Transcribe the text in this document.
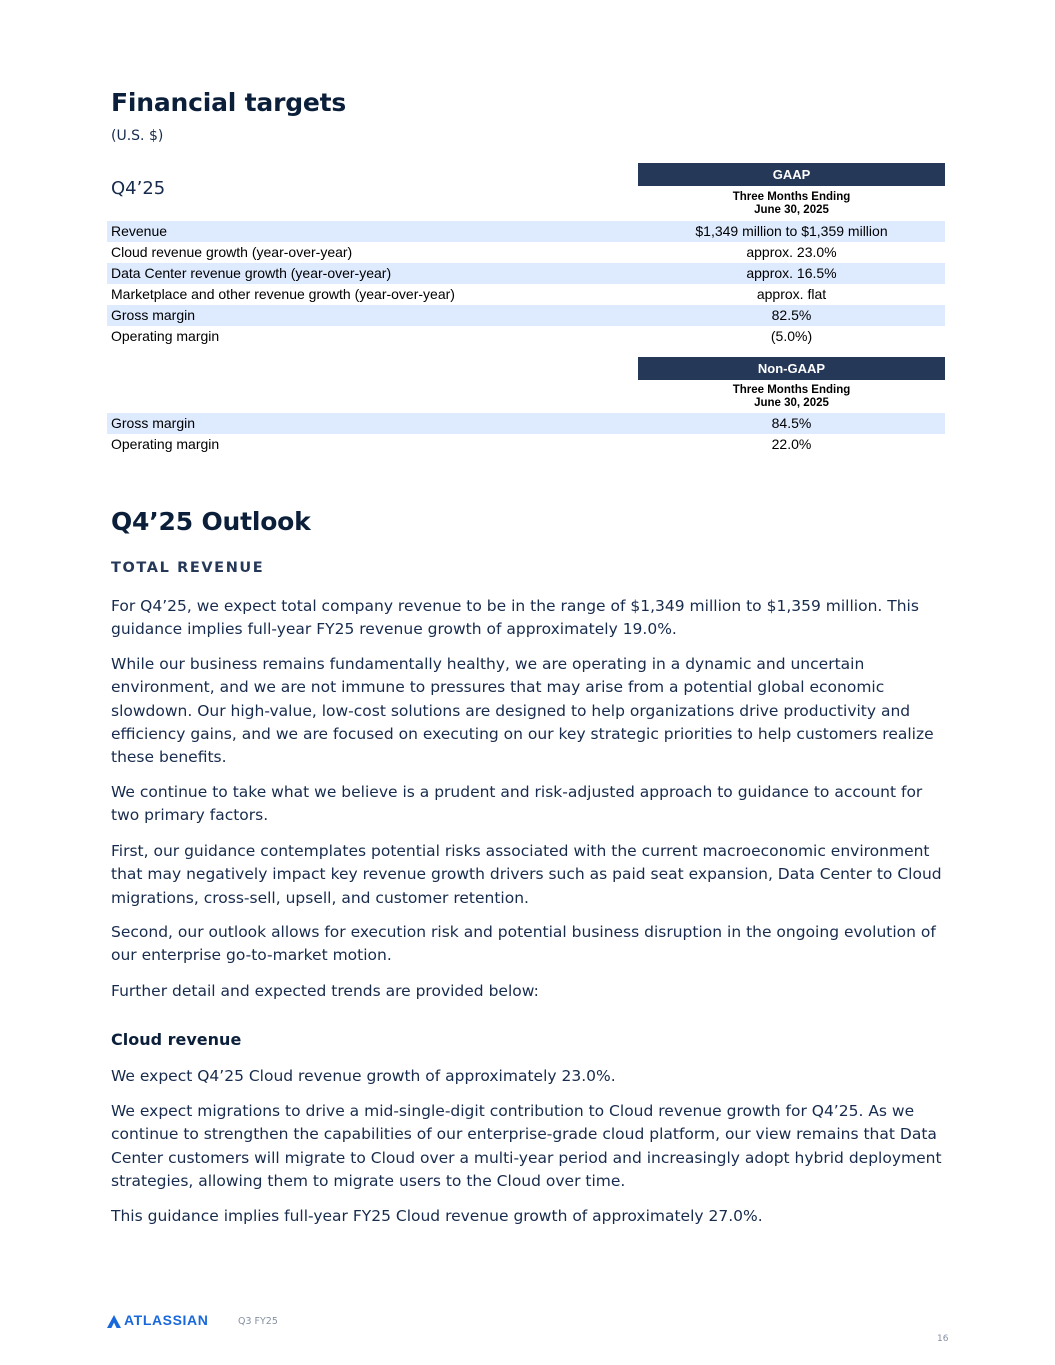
Financial targets
(U.S. $)
Q4’25
GAAP
Three Months Ending
June 30, 2025
Revenue	$1,349 million to $1,359 million
Cloud revenue growth (year-over-year)	approx. 23.0%
Data Center revenue growth (year-over-year)	approx. 16.5%
Marketplace and other revenue growth (year-over-year)	approx. flat
Gross margin	82.5%
Operating margin	(5.0%)
Non-GAAP
Three Months Ending
June 30, 2025
Gross margin	84.5%
Operating margin	22.0%
Q4’25 Outlook
TOTAL REVENUE
For Q4’25, we expect total company revenue to be in the range of $1,349 million to $1,359 million. This guidance implies full-year FY25 revenue growth of approximately 19.0%.
While our business remains fundamentally healthy, we are operating in a dynamic and uncertain environment, and we are not immune to pressures that may arise from a potential global economic slowdown. Our high-value, low-cost solutions are designed to help organizations drive productivity and efficiency gains, and we are focused on executing on our key strategic priorities to help customers realize these benefits.
We continue to take what we believe is a prudent and risk-adjusted approach to guidance to account for two primary factors.
First, our guidance contemplates potential risks associated with the current macroeconomic environment that may negatively impact key revenue growth drivers such as paid seat expansion, Data Center to Cloud migrations, cross-sell, upsell, and customer retention.
Second, our outlook allows for execution risk and potential business disruption in the ongoing evolution of our enterprise go-to-market motion.
Further detail and expected trends are provided below:
Cloud revenue
We expect Q4’25 Cloud revenue growth of approximately 23.0%.
We expect migrations to drive a mid-single-digit contribution to Cloud revenue growth for Q4’25. As we continue to strengthen the capabilities of our enterprise-grade cloud platform, our view remains that Data Center customers will migrate to Cloud over a multi-year period and increasingly adopt hybrid deployment strategies, allowing them to migrate users to the Cloud over time.
This guidance implies full-year FY25 Cloud revenue growth of approximately 27.0%.
ATLASSIAN	Q3 FY25
16
